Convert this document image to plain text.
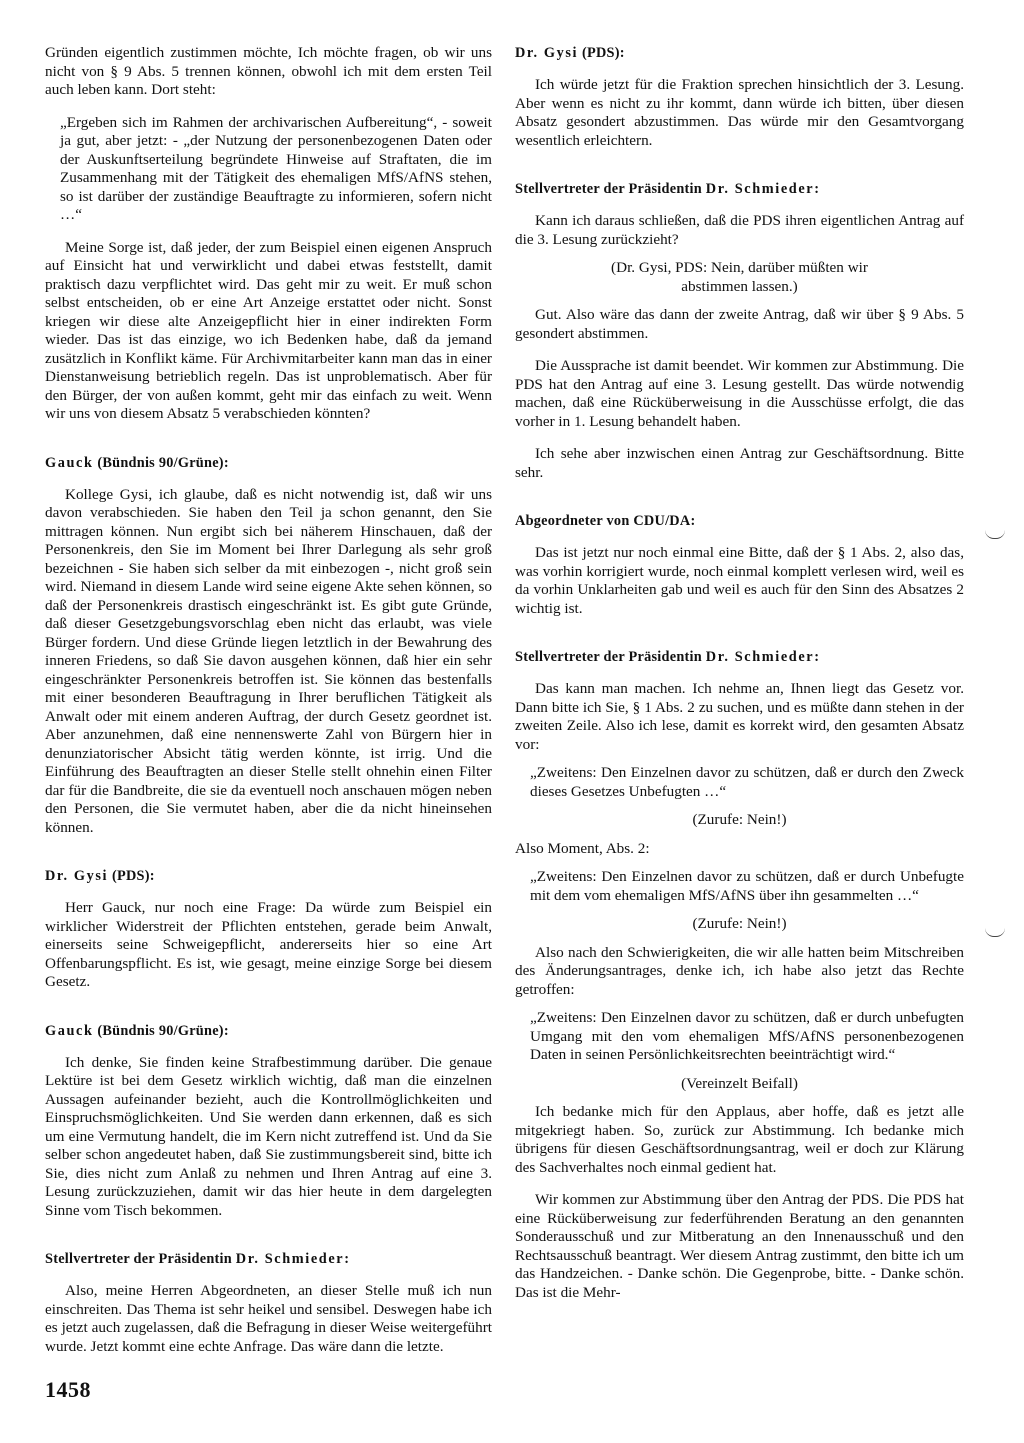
Gründen eigentlich zustimmen möchte, Ich möchte fragen, ob wir uns nicht von § 9 Abs. 5 trennen können, obwohl ich mit dem ersten Teil auch leben kann. Dort steht:

„Ergeben sich im Rahmen der archivarischen Aufbereitung“, - soweit ja gut, aber jetzt: - „der Nutzung der personenbezogenen Daten oder der Auskunftserteilung begründete Hinweise auf Straftaten, die im Zusammenhang mit der Tätigkeit des ehemaligen MfS/AfNS stehen, so ist darüber der zuständige Beauftragte zu informieren, sofern nicht …“

Meine Sorge ist, daß jeder, der zum Beispiel einen eigenen Anspruch auf Einsicht hat und verwirklicht und dabei etwas feststellt, damit praktisch dazu verpflichtet wird. Das geht mir zu weit. Er muß schon selbst entscheiden, ob er eine Art Anzeige erstattet oder nicht. Sonst kriegen wir diese alte Anzeigepflicht hier in einer indirekten Form wieder. Das ist das einzige, wo ich Bedenken habe, daß da jemand zusätzlich in Konflikt käme. Für Archivmitarbeiter kann man das in einer Dienstanweisung betrieblich regeln. Das ist unproblematisch. Aber für den Bürger, der von außen kommt, geht mir das einfach zu weit. Wenn wir uns von diesem Absatz 5 verabschieden könnten?

Gauck (Bündnis 90/Grüne):

Kollege Gysi, ich glaube, daß es nicht notwendig ist, daß wir uns davon verabschieden. Sie haben den Teil ja schon genannt, den Sie mittragen können. Nun ergibt sich bei näherem Hinschauen, daß der Personenkreis, den Sie im Moment bei Ihrer Darlegung als sehr groß bezeichnen - Sie haben sich selber da mit einbezogen -, nicht groß sein wird. Niemand in diesem Lande wird seine eigene Akte sehen können, so daß der Personenkreis drastisch eingeschränkt ist. Es gibt gute Gründe, daß dieser Gesetzgebungsvorschlag eben nicht das erlaubt, was viele Bürger fordern. Und diese Gründe liegen letztlich in der Bewahrung des inneren Friedens, so daß Sie davon ausgehen können, daß hier ein sehr eingeschränkter Personenkreis betroffen ist. Sie können das bestenfalls mit einer besonderen Beauftragung in Ihrer beruflichen Tätigkeit als Anwalt oder mit einem anderen Auftrag, der durch Gesetz geordnet ist. Aber anzunehmen, daß eine nennenswerte Zahl von Bürgern hier in denunziatorischer Absicht tätig werden könnte, ist irrig. Und die Einführung des Beauftragten an dieser Stelle stellt ohnehin einen Filter dar für die Bandbreite, die sie da eventuell noch anschauen mögen neben den Personen, die Sie vermutet haben, aber die da nicht hineinsehen können.

Dr. Gysi (PDS):

Herr Gauck, nur noch eine Frage: Da würde zum Beispiel ein wirklicher Widerstreit der Pflichten entstehen, gerade beim Anwalt, einerseits seine Schweigepflicht, andererseits hier so eine Art Offenbarungspflicht. Es ist, wie gesagt, meine einzige Sorge bei diesem Gesetz.

Gauck (Bündnis 90/Grüne):

Ich denke, Sie finden keine Strafbestimmung darüber. Die genaue Lektüre ist bei dem Gesetz wirklich wichtig, daß man die einzelnen Aussagen aufeinander bezieht, auch die Kontrollmöglichkeiten und Einspruchsmöglichkeiten. Und Sie werden dann erkennen, daß es sich um eine Vermutung handelt, die im Kern nicht zutreffend ist. Und da Sie selber schon angedeutet haben, daß Sie zustimmungsbereit sind, bitte ich Sie, dies nicht zum Anlaß zu nehmen und Ihren Antrag auf eine 3. Lesung zurückzuziehen, damit wir das hier heute in dem dargelegten Sinne vom Tisch bekommen.

Stellvertreter der Präsidentin Dr. Schmieder:

Also, meine Herren Abgeordneten, an dieser Stelle muß ich nun einschreiten. Das Thema ist sehr heikel und sensibel. Deswegen habe ich es jetzt auch zugelassen, daß die Befragung in dieser Weise weitergeführt wurde. Jetzt kommt eine echte Anfrage. Das wäre dann die letzte.

Dr. Gysi (PDS):

Ich würde jetzt für die Fraktion sprechen hinsichtlich der 3. Lesung. Aber wenn es nicht zu ihr kommt, dann würde ich bitten, über diesen Absatz gesondert abzustimmen. Das würde mir den Gesamtvorgang wesentlich erleichtern.

Stellvertreter der Präsidentin Dr. Schmieder:

Kann ich daraus schließen, daß die PDS ihren eigentlichen Antrag auf die 3. Lesung zurückzieht?

(Dr. Gysi, PDS: Nein, darüber müßten wir
abstimmen lassen.)

Gut. Also wäre das dann der zweite Antrag, daß wir über § 9 Abs. 5 gesondert abstimmen.

Die Aussprache ist damit beendet. Wir kommen zur Abstimmung. Die PDS hat den Antrag auf eine 3. Lesung gestellt. Das würde notwendig machen, daß eine Rücküberweisung in die Ausschüsse erfolgt, die das vorher in 1. Lesung behandelt haben.

Ich sehe aber inzwischen einen Antrag zur Geschäftsordnung. Bitte sehr.

Abgeordneter von CDU/DA:

Das ist jetzt nur noch einmal eine Bitte, daß der § 1 Abs. 2, also das, was vorhin korrigiert wurde, noch einmal komplett verlesen wird, weil es da vorhin Unklarheiten gab und weil es auch für den Sinn des Absatzes 2 wichtig ist.

Stellvertreter der Präsidentin Dr. Schmieder:

Das kann man machen. Ich nehme an, Ihnen liegt das Gesetz vor. Dann bitte ich Sie, § 1 Abs. 2 zu suchen, und es müßte dann stehen in der zweiten Zeile. Also ich lese, damit es korrekt wird, den gesamten Absatz vor:

„Zweitens: Den Einzelnen davor zu schützen, daß er durch den Zweck dieses Gesetzes Unbefugten …“

(Zurufe: Nein!)

Also Moment, Abs. 2:

„Zweitens: Den Einzelnen davor zu schützen, daß er durch Unbefugte mit dem vom ehemaligen MfS/AfNS über ihn gesammelten …“

(Zurufe: Nein!)

Also nach den Schwierigkeiten, die wir alle hatten beim Mitschreiben des Änderungsantrages, denke ich, ich habe also jetzt das Rechte getroffen:

„Zweitens: Den Einzelnen davor zu schützen, daß er durch unbefugten Umgang mit den vom ehemaligen MfS/AfNS personenbezogenen Daten in seinen Persönlichkeitsrechten beeinträchtigt wird.“

(Vereinzelt Beifall)

Ich bedanke mich für den Applaus, aber hoffe, daß es jetzt alle mitgekriegt haben. So, zurück zur Abstimmung. Ich bedanke mich übrigens für diesen Geschäftsordnungsantrag, weil er doch zur Klärung des Sachverhaltes noch einmal gedient hat.

Wir kommen zur Abstimmung über den Antrag der PDS. Die PDS hat eine Rücküberweisung zur federführenden Beratung an den genannten Sonderausschuß und zur Mitberatung an den Innenausschuß und den Rechtsausschuß beantragt. Wer diesem Antrag zustimmt, den bitte ich um das Handzeichen. - Danke schön. Die Gegenprobe, bitte. - Danke schön. Das ist die Mehr-

1458
